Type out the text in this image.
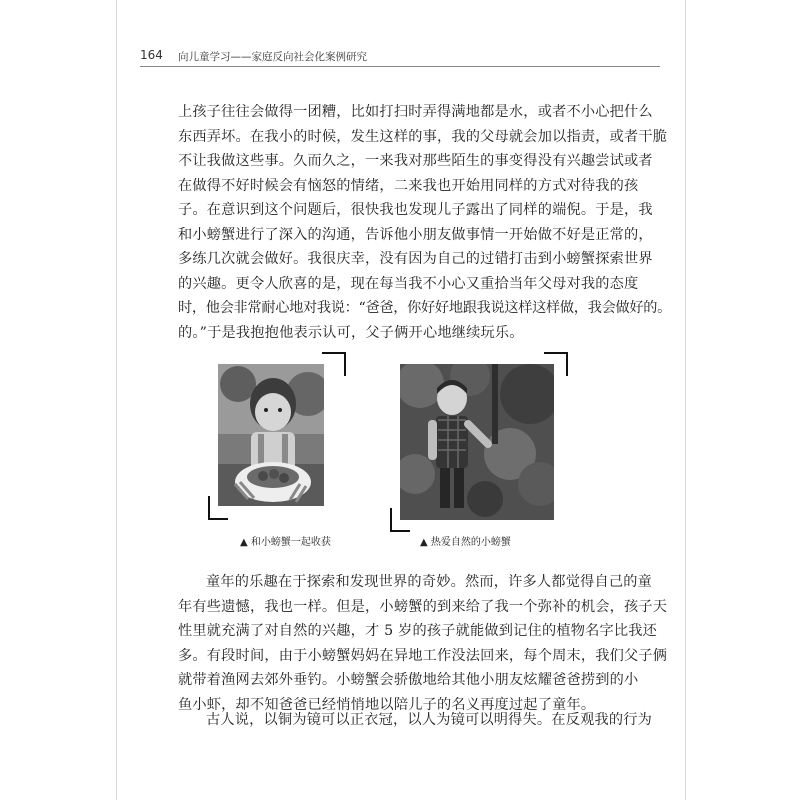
164 向儿童学习——家庭反向社会化案例研究
上孩子往往会做得一团糟，比如打扫时弄得满地都是水，或者不小心把什么
东西弄坏。在我小的时候，发生这样的事，我的父母就会加以指责，或者干脆
不让我做这些事。久而久之，一来我对那些陌生的事变得没有兴趣尝试或者
在做得不好时候会有恼怒的情绪，二来我也开始用同样的方式对待我的孩
子。在意识到这个问题后，很快我也发现儿子露出了同样的端倪。于是，我
和小螃蟹进行了深入的沟通，告诉他小朋友做事情一开始做不好是正常的，
多练几次就会做好。我很庆幸，没有因为自己的过错打击到小螃蟹探索世界
的兴趣。更令人欣喜的是，现在每当我不小心又重拾当年父母对我的态度
时，他会非常耐心地对我说：“爸爸，你好好地跟我说这样这样做，我会做好的。
的。”于是我抱抱他表示认可，父子俩开心地继续玩乐。
▲ 和小螃蟹一起收获	▲ 热爱自然的小螃蟹
童年的乐趣在于探索和发现世界的奇妙。然而，许多人都觉得自己的童
年有些遗憾，我也一样。但是，小螃蟹的到来给了我一个弥补的机会，孩子天
性里就充满了对自然的兴趣，才 5 岁的孩子就能做到记住的植物名字比我还
多。有段时间，由于小螃蟹妈妈在异地工作没法回来，每个周末，我们父子俩
就带着渔网去郊外垂钓。小螃蟹会骄傲地给其他小朋友炫耀爸爸捞到的小
鱼小虾，却不知爸爸已经悄悄地以陪儿子的名义再度过起了童年。
古人说，以铜为镜可以正衣冠，以人为镜可以明得失。在反观我的行为
